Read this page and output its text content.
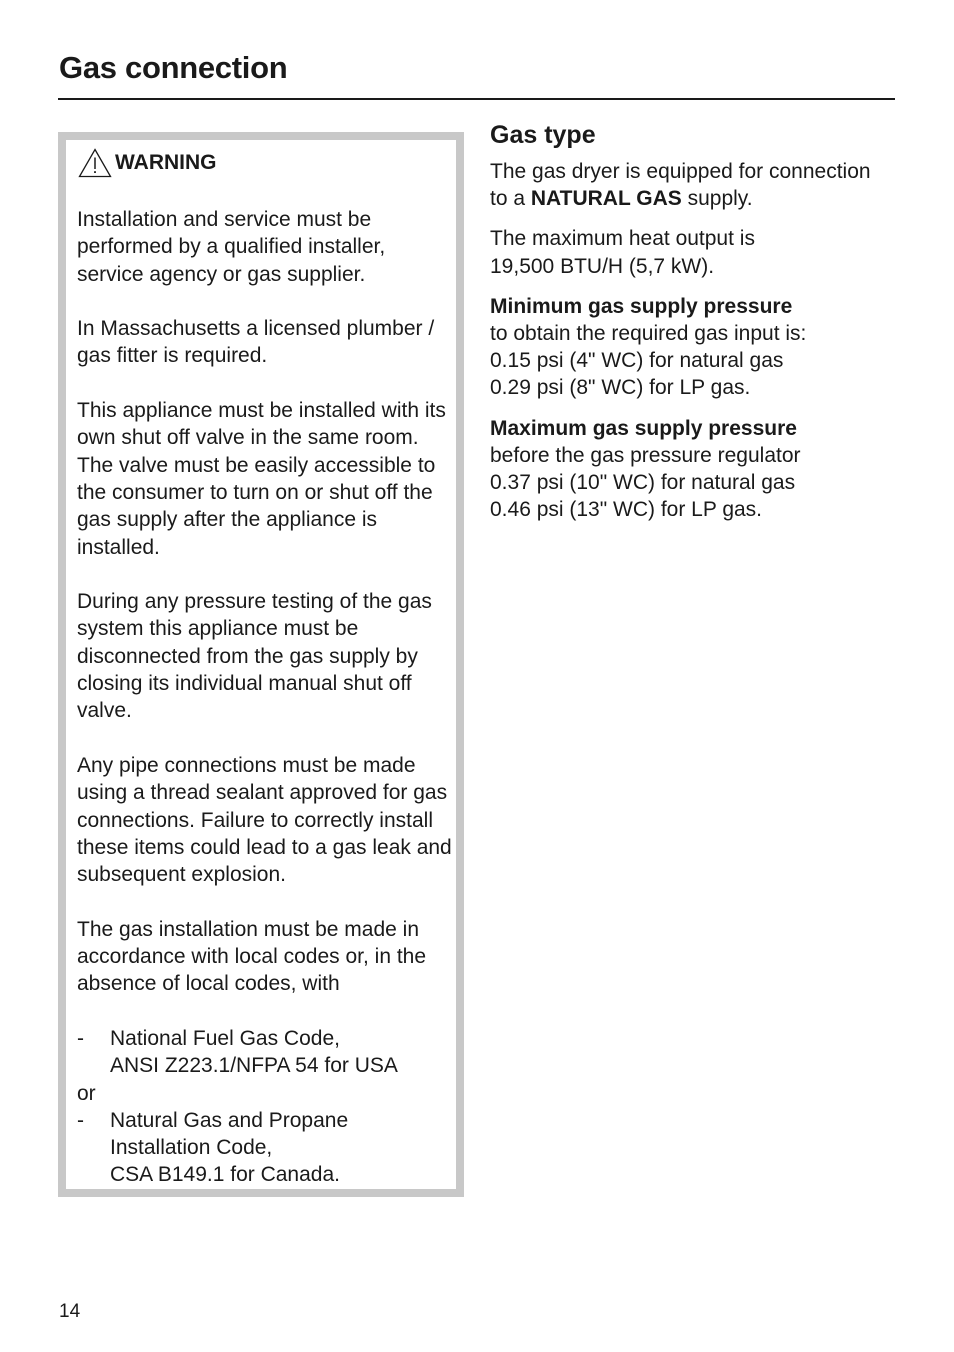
Gas connection
WARNING

Installation and service must be performed by a qualified installer, service agency or gas supplier.

In Massachusetts a licensed plumber / gas fitter is required.

This appliance must be installed with its own shut off valve in the same room. The valve must be easily accessible to the consumer to turn on or shut off the gas supply after the appliance is installed.

During any pressure testing of the gas system this appliance must be disconnected from the gas supply by closing its individual manual shut off valve.

Any pipe connections must be made using a thread sealant approved for gas connections. Failure to correctly install these items could lead to a gas leak and subsequent explosion.

The gas installation must be made in accordance with local codes or, in the absence of local codes, with

-	National Fuel Gas Code,
ANSI Z223.1/NFPA 54 for USA
or
-	Natural Gas and Propane
Installation Code,
CSA B149.1 for Canada.
Gas type

The gas dryer is equipped for connection to a NATURAL GAS supply.

The maximum heat output is
19,500 BTU/H (5,7 kW).

Minimum gas supply pressure
to obtain the required gas input is:
0.15 psi (4" WC) for natural gas
0.29 psi (8" WC) for LP gas.

Maximum gas supply pressure
before the gas pressure regulator
0.37 psi (10" WC) for natural gas
0.46 psi (13" WC) for LP gas.

14
